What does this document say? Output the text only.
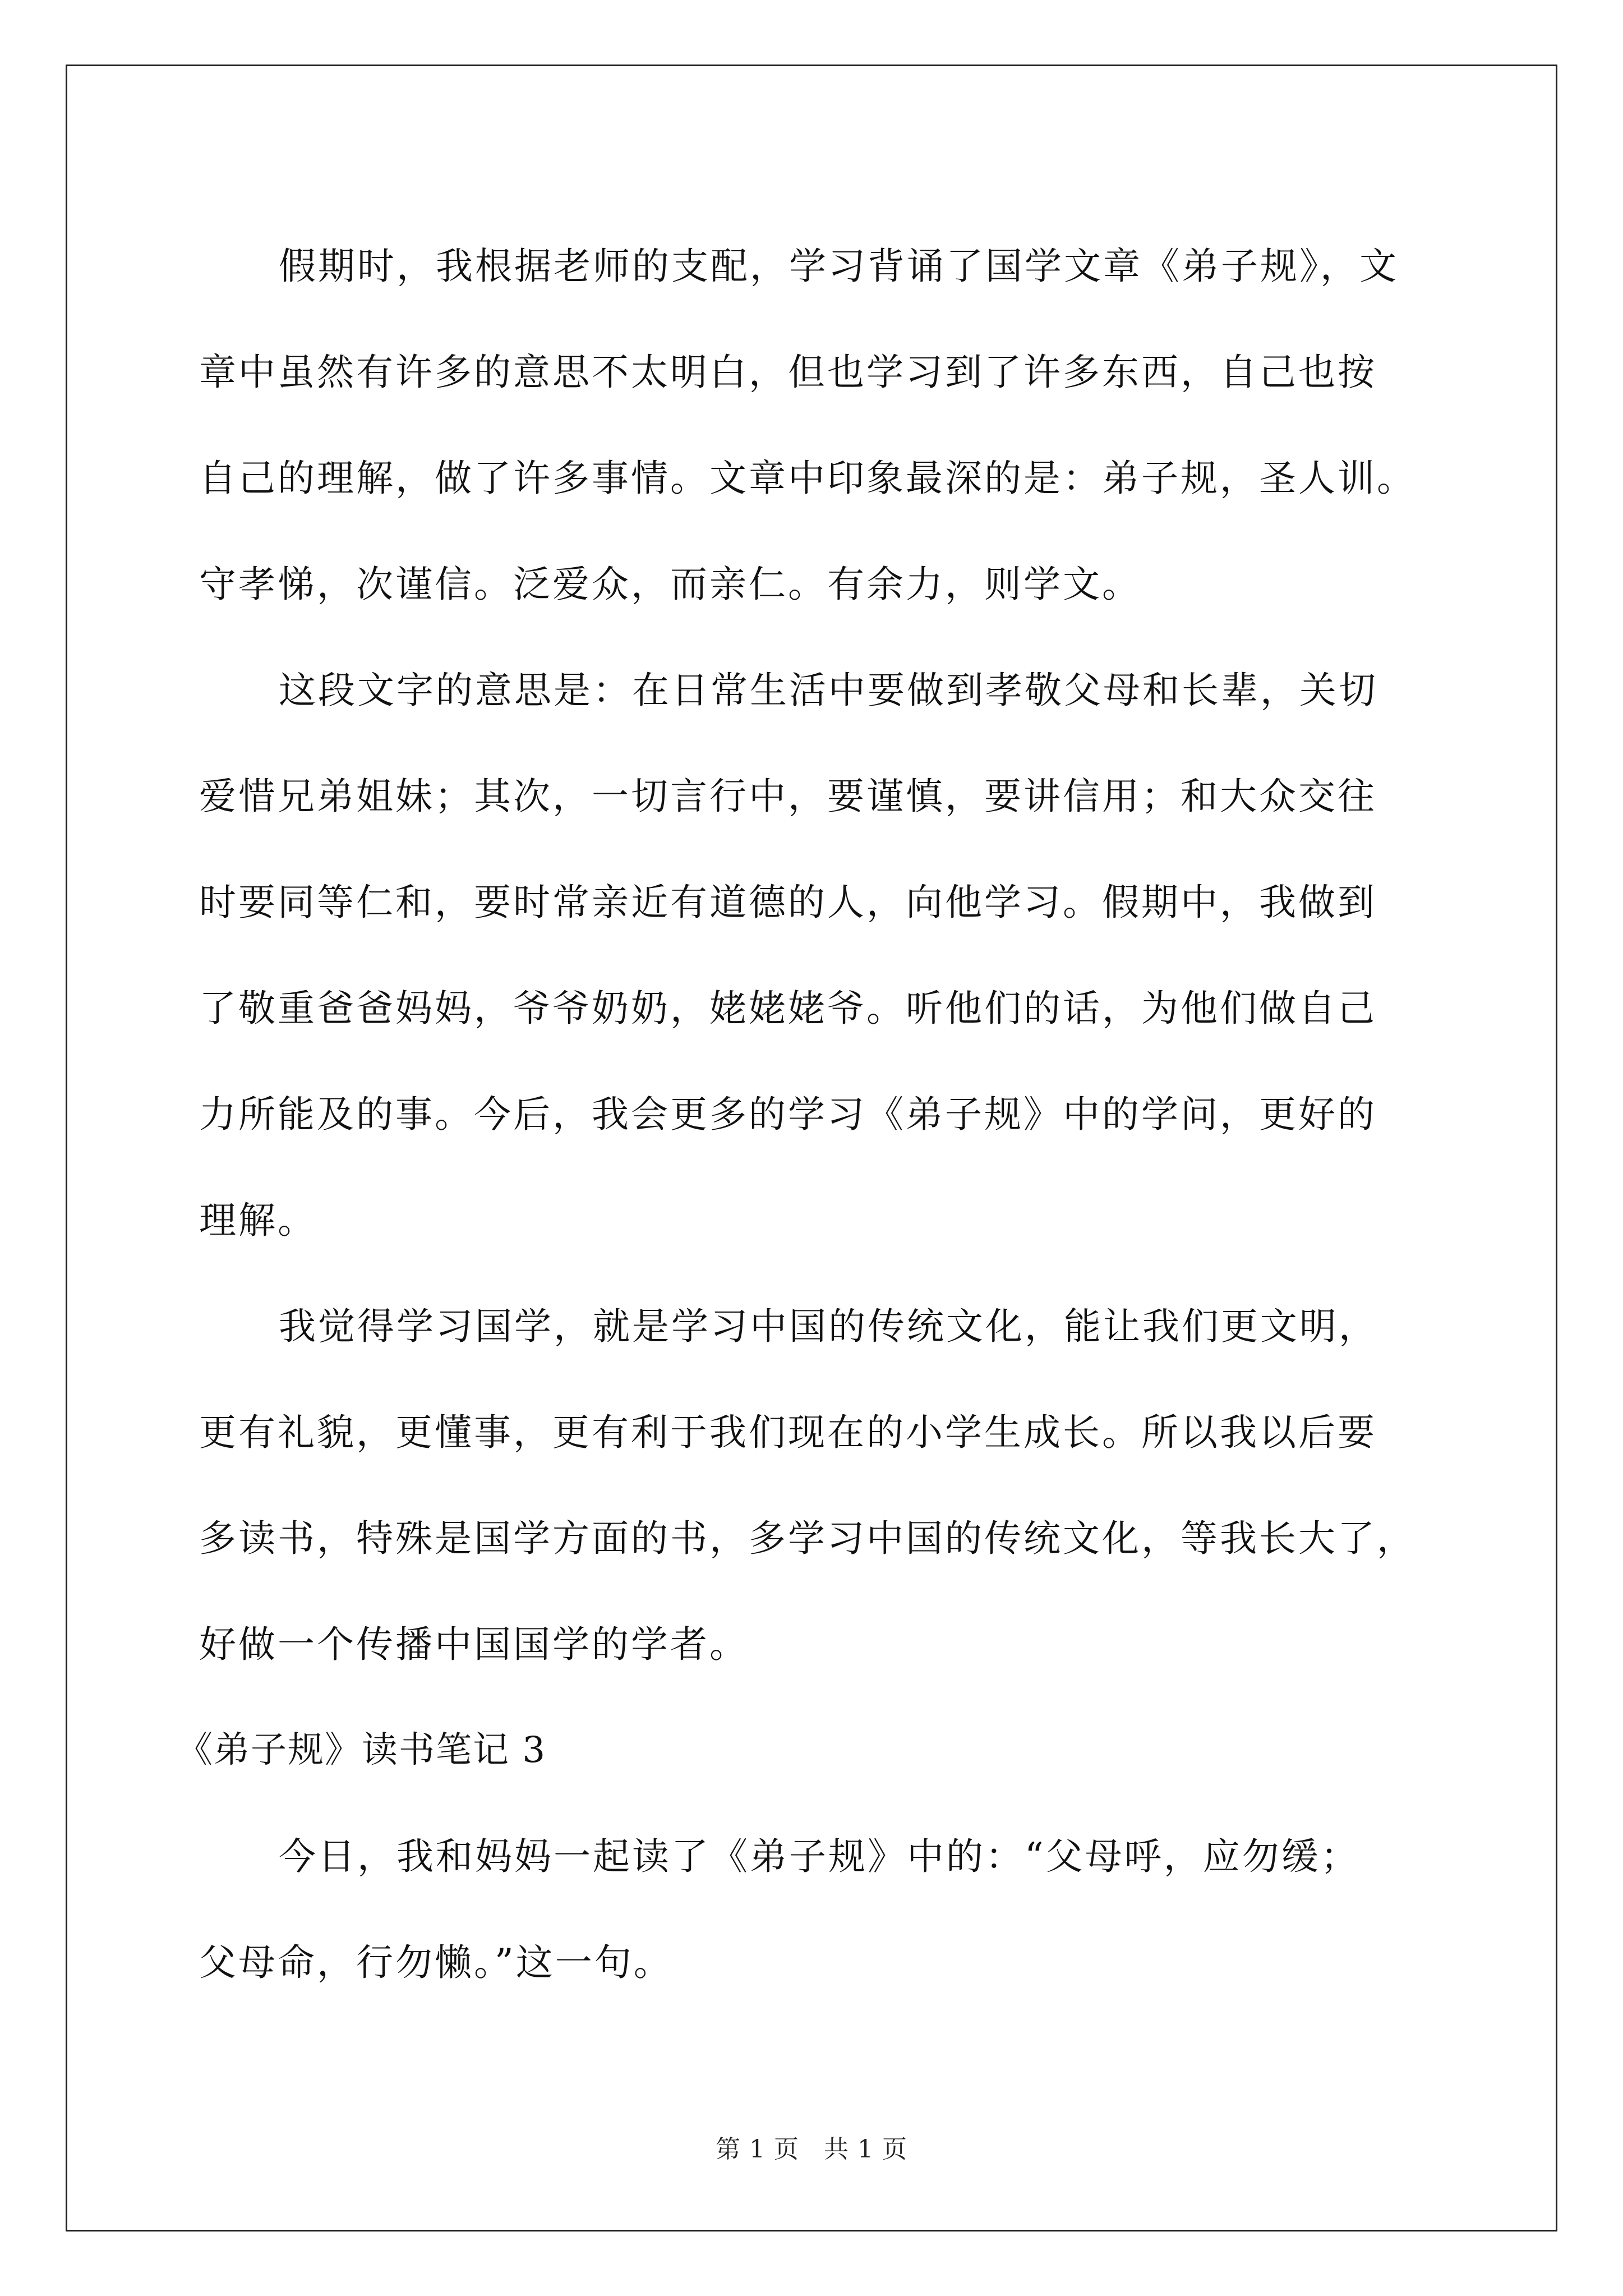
假期时，我根据老师的支配，学习背诵了国学文章《弟子规》，文
章中虽然有许多的意思不太明白，但也学习到了许多东西，自己也按
自己的理解，做了许多事情。文章中印象最深的是：弟子规，圣人训。
守孝悌，次谨信。泛爱众，而亲仁。有余力，则学文。

这段文字的意思是：在日常生活中要做到孝敬父母和长辈，关切
爱惜兄弟姐妹；其次，一切言行中，要谨慎，要讲信用；和大众交往
时要同等仁和，要时常亲近有道德的人，向他学习。假期中，我做到
了敬重爸爸妈妈，爷爷奶奶，姥姥姥爷。听他们的话，为他们做自己
力所能及的事。今后，我会更多的学习《弟子规》中的学问，更好的
理解。

我觉得学习国学，就是学习中国的传统文化，能让我们更文明，
更有礼貌，更懂事，更有利于我们现在的小学生成长。所以我以后要
多读书，特殊是国学方面的书，多学习中国的传统文化，等我长大了，
好做一个传播中国国学的学者。

《弟子规》读书笔记 3

今日，我和妈妈一起读了《弟子规》中的：“父母呼，应勿缓；
父母命，行勿懒。”这一句。

第 1 页 共 1 页
